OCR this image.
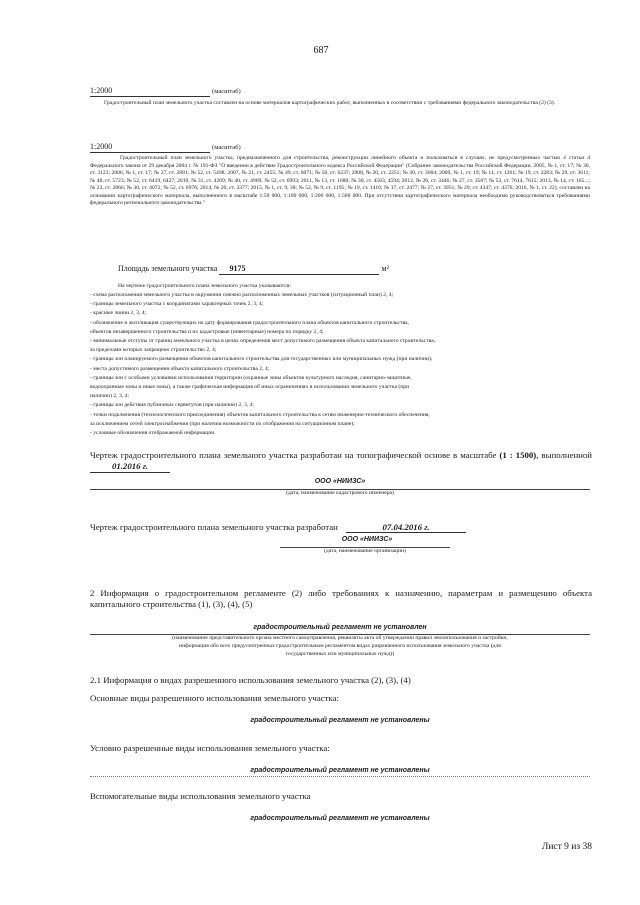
687
1:2000	(масштаб)
Градостроительный план земельного участка составлен на основе материалов картографических работ, выполненных в соответствии с требованиями федерального законодательства (2) (3).
1:2000	(масштаб)
Градостроительный план земельного участка, предназначенного для строительства, реконструкции линейного объекта и пользоваться в случаях, не предусмотренных частью 4 статьи 4 Федерального закона от 29 декабря 2004 г. № 191-ФЗ "О введении в действие Градостроительного кодекса Российской Федерации" (Собрание законодательства Российской Федерации, 2005, № 1, ст. 17; № 30, ст. 3122; 2006, № 1, ст. 17; № 27, ст. 2881; № 52, ст. 5498; 2007, № 21, ст. 2455; № 49, ст. 6071; № 50, ст. 6237; 2008, № 20, ст. 2251; № 30, ст. 3604; 2009, № 1, ст. 19; № 11, ст. 1261; № 19, ст. 2283; № 29, ст. 3611; № 48, ст. 5723; № 52, ст. 6419, 6427; 2010, № 31, ст. 4209; № 40, ст. 4969; № 52, ст. 6993; 2011, № 13, ст. 1688; № 30, ст. 4563, 4594; 2012, № 26, ст. 3446; № 27, ст. 3587; № 53, ст. 7614, 7615; 2013, № 14, ст. 165...; № 23, ст. 2866; № 30, ст. 4072; № 52, ст. 6976; 2014, № 26, ст. 3377; 2015, № 1, ст. 9, 38; № 52, № 9, ст. 1195; № 19, ст. 1416; № 17, ст. 2477; № 27, ст. 3951; № 29, ст. 4347; ст. 4376; 2016, № 1, ст. 22), составлен на основании картографического материала, выполненного в масштабе 1:50 000, 1:100 000, 1:200 000, 1:500 000. При отсутствии картографического материала необходимо руководствоваться требованиями федерального регионального законодательства."
Площадь земельного участка 9175	м²
На чертеже градостроительного плана земельного участка указываются:
- схема расположения земельного участка в окружении смежно расположенных земельных участков (ситуационный план) 2, 4;
- границы земельного участка с координатами характерных точек 2, 3, 4;
- красные линии 2, 3, 4;
- обозначение и экспликация существующих на дату формирования градостроительного плана объектов капитального строительства,
объектов незавершенного строительства и их кадастровые (инвентарные) номера по порядку 2, 4;
- минимальные отступы от границ земельного участка в целях определения мест допустимого размещения объекта капитального строительства,
за пределами которых запрещено строительство 2, 4;
- границы зон планируемого размещения объектов капитального строительства для государственных или муниципальных нужд (при наличии);
- места допустимого размещения объекта капитального строительства 2, 4;
- границы зон с особыми условиями использования территории (охранные зоны объектов культурного наследия, санитарно-защитные,
водоохранные зоны и иные зоны), а также графическая информация об иных ограничениях в использовании земельного участка (при
наличии) 2, 3, 4;
- границы зон действия публичных сервитутов (при наличии) 2, 3, 4;
- точки подключения (технологического присоединения) объектов капитального строительства к сетям инженерно-технического обеспечения,
за исключением сетей электроснабжения (при наличии возможности их отображения на ситуационном плане);
- условные обозначения отображаемой информации.
Чертеж градостроительного плана земельного участка разработан на топографической основе в масштабе (1 : 1500), выполненной 01.2016 г.
ООО «НИИЗС»
(дата, наименование кадастрового инженера)
Чертеж градостроительного плана земельного участка разработан	07.04.2016 г.
ООО «НИИЗС»
(дата, наименование организации)
2 Информация о градостроительном регламенте (2) либо требованиях к назначению, параметрам и размещению объекта капитального строительства (1), (3), (4), (5)
градостроительный регламент не установлен
(наименование представительного органа местного самоуправления, реквизиты акта об утверждении правил землепользования и застройки,
информация обо всех предусмотренных градостроительным регламентом видах разрешенного использования земельного участка (для
государственных или муниципальных нужд))
2.1 Информация о видах разрешенного использования земельного участка (2), (3), (4)
Основные виды разрешенного использования земельного участка:
градостроительный регламент не установлены
Условно разрешенные виды использования земельного участка:
градостроительный регламент не установлены
Вспомогательные виды использования земельного участка
градостроительный регламент не установлены
Лист 9 из 38
